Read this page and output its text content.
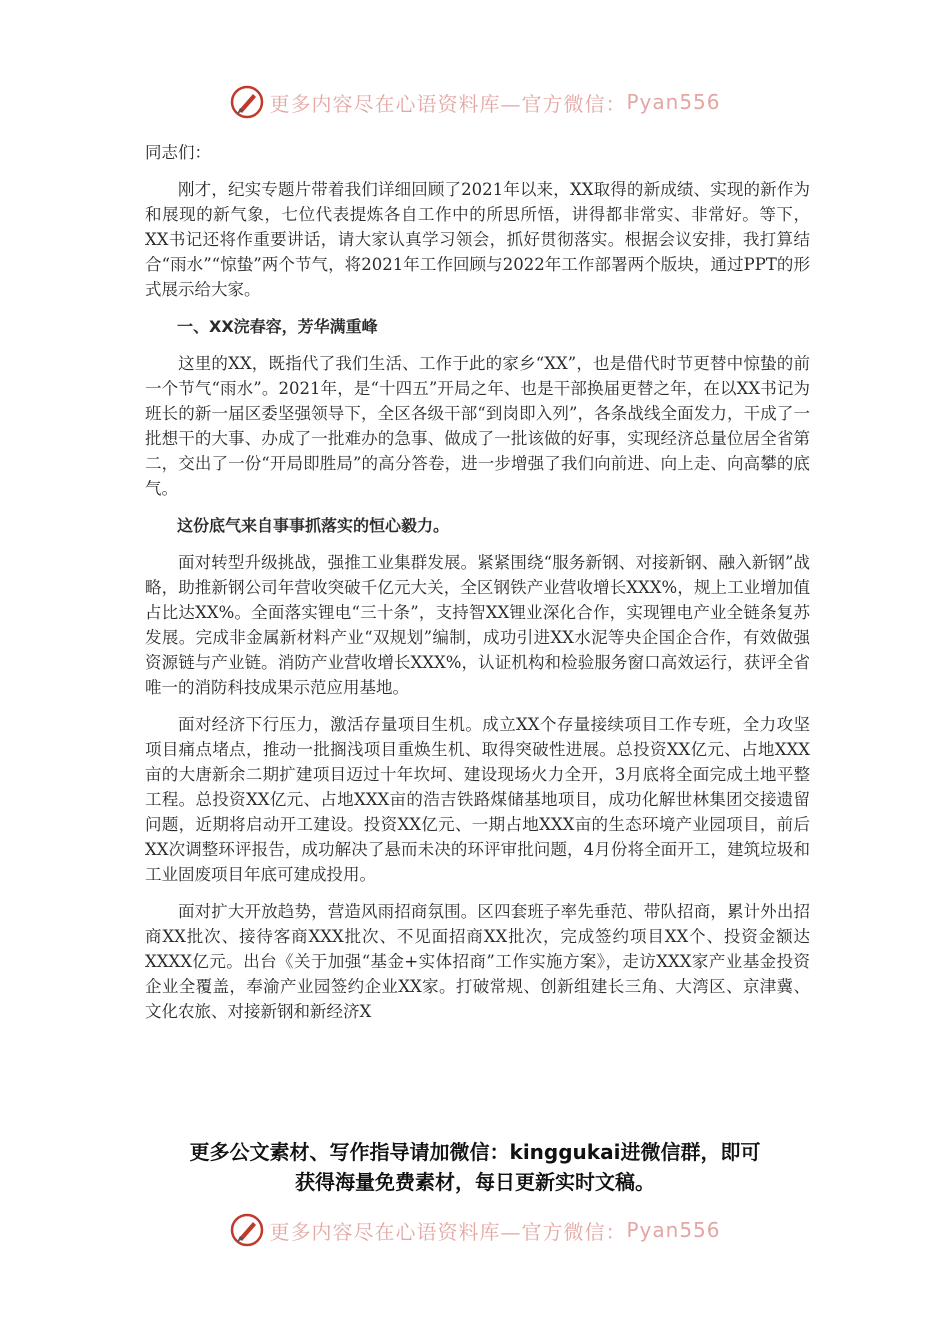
更多内容尽在心语资料库—官方微信： Pyan556

同志们：

刚才，纪实专题片带着我们详细回顾了2021年以来，XX取得的新成绩、实现的新作为和展现的新气象，七位代表提炼各自工作中的所思所悟，讲得都非常实、非常好。等下，XX书记还将作重要讲话，请大家认真学习领会，抓好贯彻落实。根据会议安排，我打算结合“雨水”“惊蛰”两个节气，将2021年工作回顾与2022年工作部署两个版块，通过PPT的形式展示给大家。

一、XX浣春容，芳华满重峰

这里的XX，既指代了我们生活、工作于此的家乡“XX”，也是借代时节更替中惊蛰的前一个节气“雨水”。2021年，是“十四五”开局之年、也是干部换届更替之年，在以XX书记为班长的新一届区委坚强领导下，全区各级干部“到岗即入列”，各条战线全面发力，干成了一批想干的大事、办成了一批难办的急事、做成了一批该做的好事，实现经济总量位居全省第二，交出了一份“开局即胜局”的高分答卷，进一步增强了我们向前进、向上走、向高攀的底气。

这份底气来自事事抓落实的恒心毅力。

面对转型升级挑战，强推工业集群发展。紧紧围绕“服务新钢、对接新钢、融入新钢”战略，助推新钢公司年营收突破千亿元大关，全区钢铁产业营收增长XXX%，规上工业增加值占比达XX%。全面落实锂电“三十条”，支持智XX锂业深化合作，实现锂电产业全链条复苏发展。完成非金属新材料产业“双规划”编制，成功引进XX水泥等央企国企合作，有效做强资源链与产业链。消防产业营收增长XXX%，认证机构和检验服务窗口高效运行，获评全省唯一的消防科技成果示范应用基地。

面对经济下行压力，激活存量项目生机。成立XX个存量接续项目工作专班，全力攻坚项目痛点堵点，推动一批搁浅项目重焕生机、取得突破性进展。总投资XX亿元、占地XXX亩的大唐新余二期扩建项目迈过十年坎坷、建设现场火力全开，3月底将全面完成土地平整工程。总投资XX亿元、占地XXX亩的浩吉铁路煤储基地项目，成功化解世林集团交接遗留问题，近期将启动开工建设。投资XX亿元、一期占地XXX亩的生态环境产业园项目，前后XX次调整环评报告，成功解决了悬而未决的环评审批问题，4月份将全面开工，建筑垃圾和工业固废项目年底可建成投用。

面对扩大开放趋势，营造风雨招商氛围。区四套班子率先垂范、带队招商，累计外出招商XX批次、接待客商XXX批次、不见面招商XX批次，完成签约项目XX个、投资金额达XXXX亿元。出台《关于加强“基金+实体招商”工作实施方案》，走访XXX家产业基金投资企业全覆盖，奉渝产业园签约企业XX家。打破常规、创新组建长三角、大湾区、京津冀、文化农旅、对接新钢和新经济X

更多公文素材、写作指导请加微信：kinggukai进微信群，即可

获得海量免费素材，每日更新实时文稿。

更多内容尽在心语资料库—官方微信： Pyan556
